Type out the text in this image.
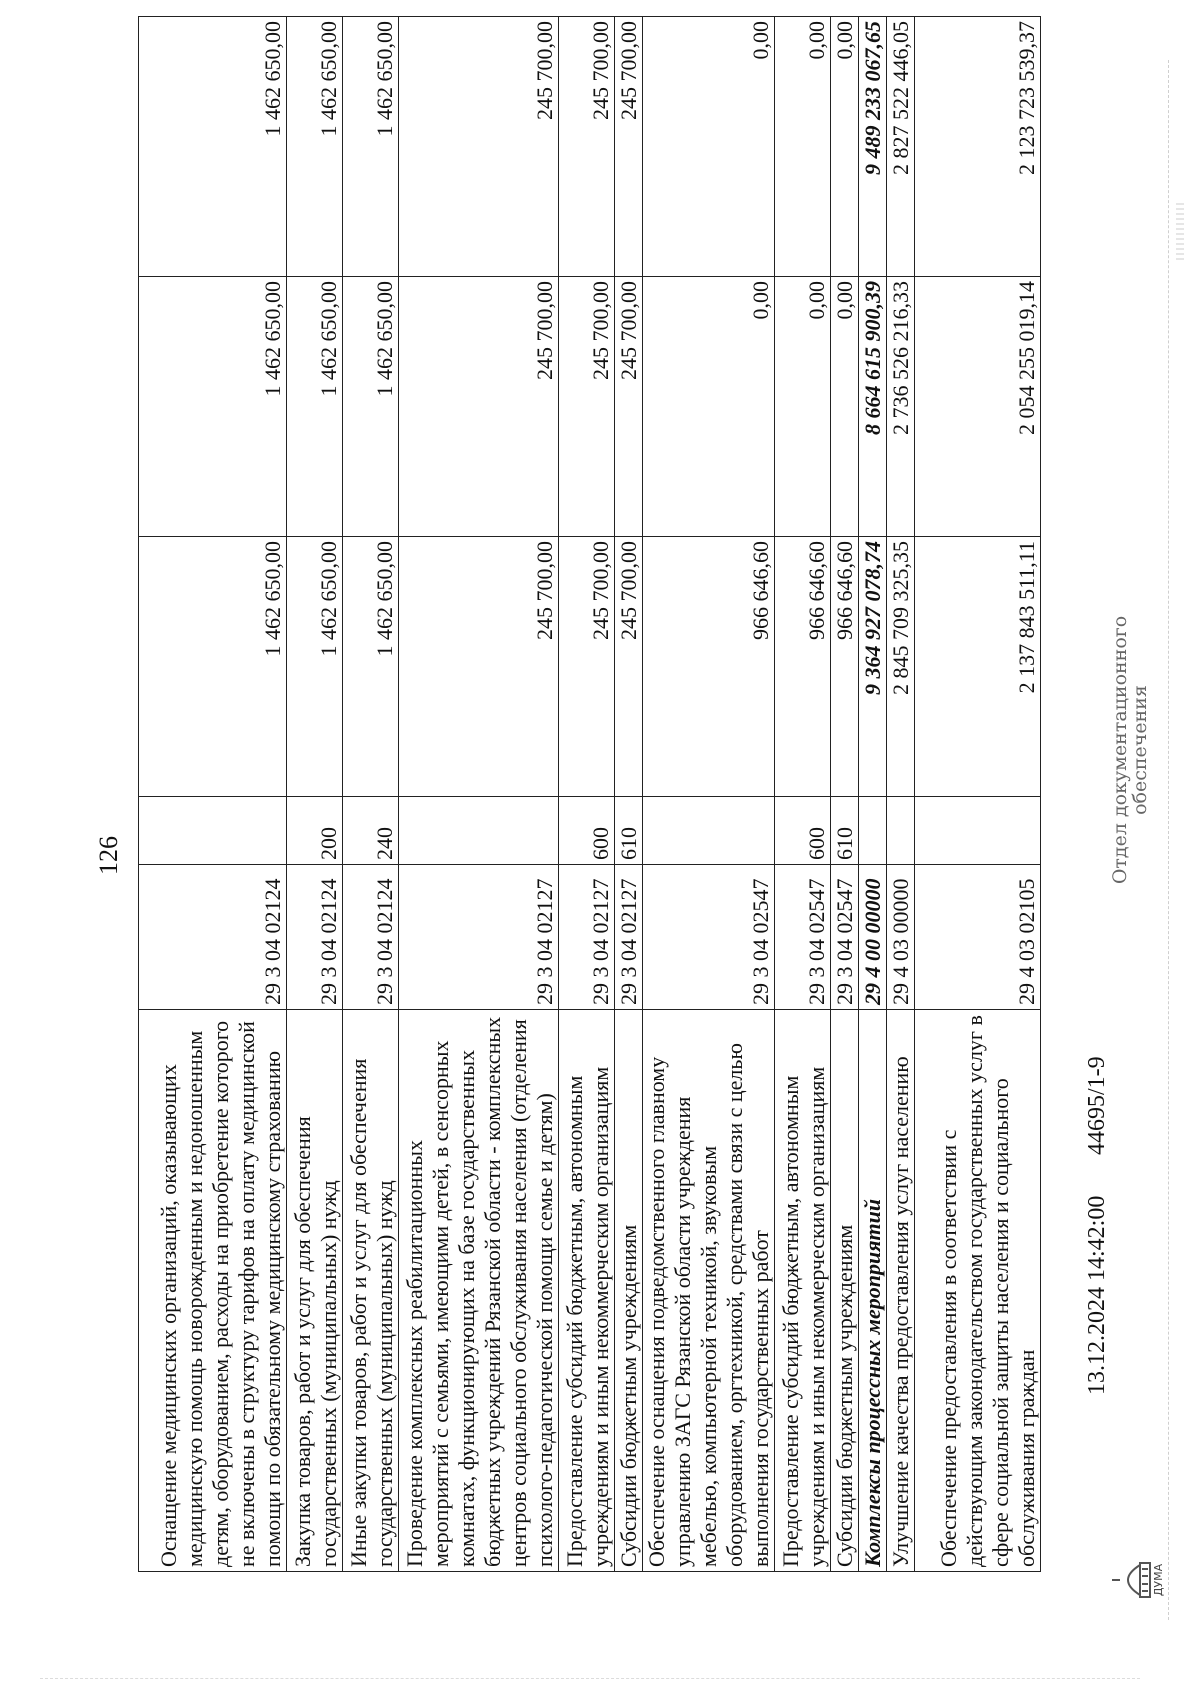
126
Оснащение медицинских организаций, оказывающих медицинскую помощь новорожденным и недоношенным детям, оборудованием, расходы на приобретение которого не включены в структуру тарифов на оплату медицинской помощи по обязательному медицинскому страхованию	29 3 04 02124		1 462 650,00	1 462 650,00	1 462 650,00
Закупка товаров, работ и услуг для обеспечения государственных (муниципальных) нужд	29 3 04 02124	200	1 462 650,00	1 462 650,00	1 462 650,00
Иные закупки товаров, работ и услуг для обеспечения государственных (муниципальных) нужд	29 3 04 02124	240	1 462 650,00	1 462 650,00	1 462 650,00
Проведение комплексных реабилитационных мероприятий с семьями, имеющими детей, в сенсорных комнатах, функционирующих на базе государственных бюджетных учреждений Рязанской области - комплексных центров социального обслуживания населения (отделения психолого-педагогической помощи семье и детям)	29 3 04 02127		245 700,00	245 700,00	245 700,00
Предоставление субсидий бюджетным, автономным учреждениям и иным некоммерческим организациям	29 3 04 02127	600	245 700,00	245 700,00	245 700,00
Субсидии бюджетным учреждениям	29 3 04 02127	610	245 700,00	245 700,00	245 700,00
Обеспечение оснащения подведомственного главному управлению ЗАГС Рязанской области учреждения мебелью, компьютерной техникой, звуковым оборудованием, оргтехникой, средствами связи с целью выполнения государственных работ	29 3 04 02547		966 646,60	0,00	0,00
Предоставление субсидий бюджетным, автономным учреждениям и иным некоммерческим организациям	29 3 04 02547	600	966 646,60	0,00	0,00
Субсидии бюджетным учреждениям	29 3 04 02547	610	966 646,60	0,00	0,00
Комплексы процессных мероприятий	29 4 00 00000		9 364 927 078,74	8 664 615 900,39	9 489 233 067,65
Улучшение качества предоставления услуг населению	29 4 03 00000		2 845 709 325,35	2 736 526 216,33	2 827 522 446,05
Обеспечение предоставления в соответствии с действующим законодательством государственных услуг в сфере социальной защиты населения и социального обслуживания граждан	29 4 03 02105		2 137 843 511,11	2 054 255 019,14	2 123 723 539,37
ДУМА
13.12.2024 14:42:00
44695/1-9
Отдел документационного
обеспечения
